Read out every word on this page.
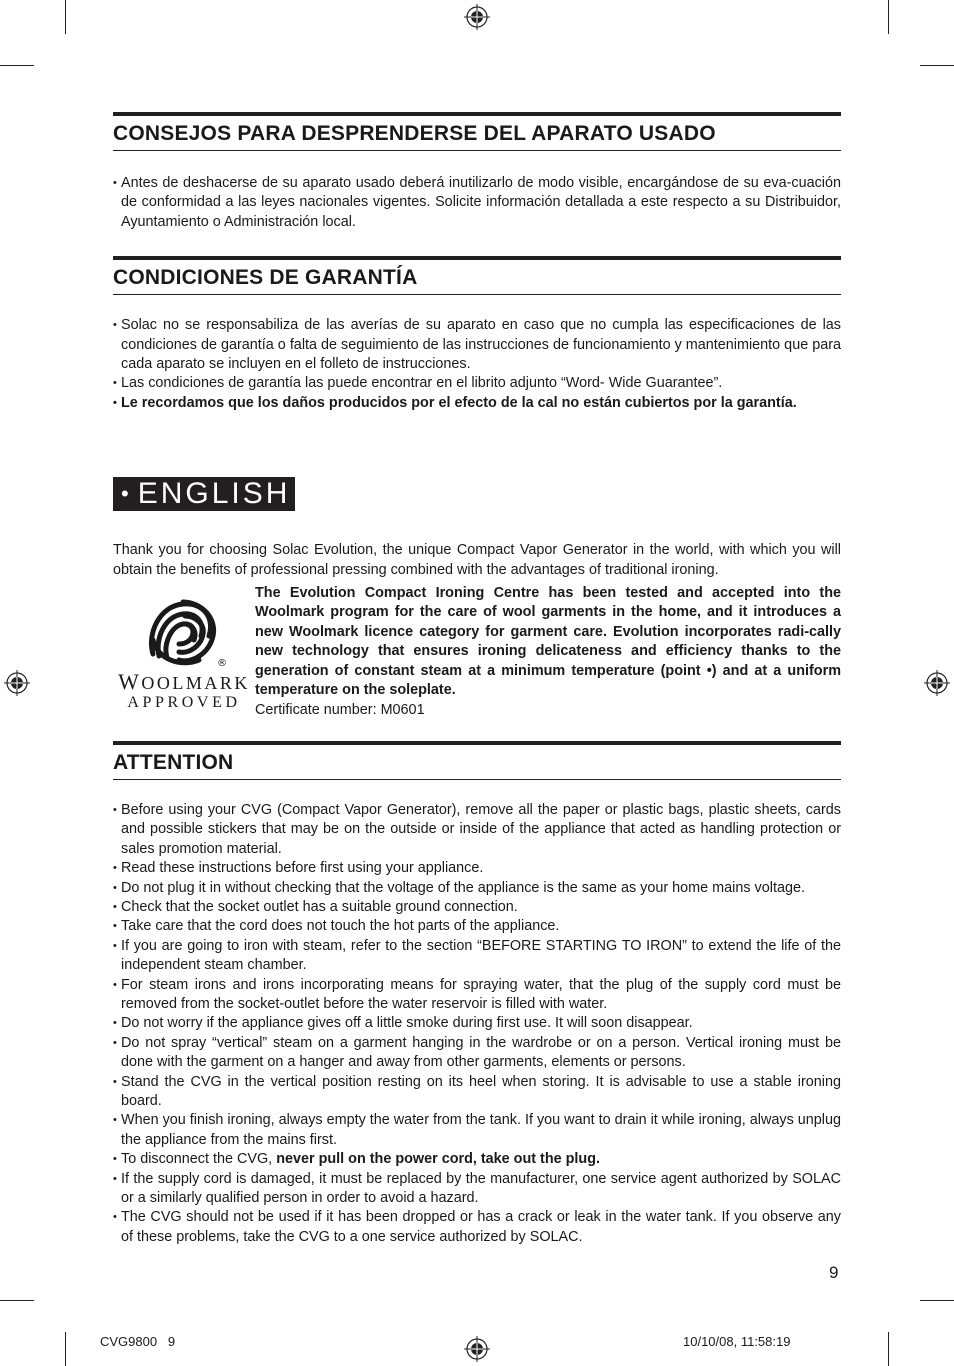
CONSEJOS PARA DESPRENDERSE DEL APARATO USADO
• Antes de deshacerse de su aparato usado deberá inutilizarlo de modo visible, encargándose de su eva-cuación de conformidad a las leyes nacionales vigentes. Solicite información detallada a este respecto a su Distribuidor, Ayuntamiento o Administración local.
CONDICIONES DE GARANTÍA
• Solac no se responsabiliza de las averías de su aparato en caso que no cumpla las especificaciones de las condiciones de garantía o falta de seguimiento de las instrucciones de funcionamiento y mantenimiento que para cada aparato se incluyen en el folleto de instrucciones.
• Las condiciones de garantía las puede encontrar en el librito adjunto “Word- Wide Guarantee”.
• Le recordamos que los daños producidos por el efecto de la cal no están cubiertos por la garantía.
• ENGLISH

Thank you for choosing Solac Evolution, the unique Compact Vapor Generator in the world, with which you will obtain the benefits of professional pressing combined with the advantages of traditional ironing.

®
WOOLMARK
APPROVED

The Evolution Compact Ironing Centre has been tested and accepted into the Woolmark program for the care of wool garments in the home, and it introduces a new Woolmark licence category for garment care. Evolution incorporates radi-cally new technology that ensures ironing delicateness and efficiency thanks to the generation of constant steam at a minimum temperature (point •) and at a uniform temperature on the soleplate.

Certificate number: M0601

ATTENTION
• Before using your CVG (Compact Vapor Generator), remove all the paper or plastic bags, plastic sheets, cards and possible stickers that may be on the outside or inside of the appliance that acted as handling protection or sales promotion material.
• Read these instructions before first using your appliance.
• Do not plug it in without checking that the voltage of the appliance is the same as your home mains voltage.
• Check that the socket outlet has a suitable ground connection.
• Take care that the cord does not touch the hot parts of the appliance.
• If you are going to iron with steam, refer to the section “BEFORE STARTING TO IRON” to extend the life of the independent steam chamber.
• For steam irons and irons incorporating means for spraying water, that the plug of the supply cord must be removed from the socket-outlet before the water reservoir is filled with water.
• Do not worry if the appliance gives off a little smoke during first use. It will soon disappear.
• Do not spray “vertical” steam on a garment hanging in the wardrobe or on a person. Vertical ironing must be done with the garment on a hanger and away from other garments, elements or persons.
• Stand the CVG in the vertical position resting on its heel when storing. It is advisable to use a stable ironing board.
• When you finish ironing, always empty the water from the tank. If you want to drain it while ironing, always unplug the appliance from the mains first.
• To disconnect the CVG, never pull on the power cord, take out the plug.
• If the supply cord is damaged, it must be replaced by the manufacturer, one service agent authorized by SOLAC or a similarly qualified person in order to avoid a hazard.
• The CVG should not be used if it has been dropped or has a crack or leak in the water tank. If you observe any of these problems, take the CVG to a one service authorized by SOLAC.
9
CVG9800   9	10/10/08, 11:58:19
